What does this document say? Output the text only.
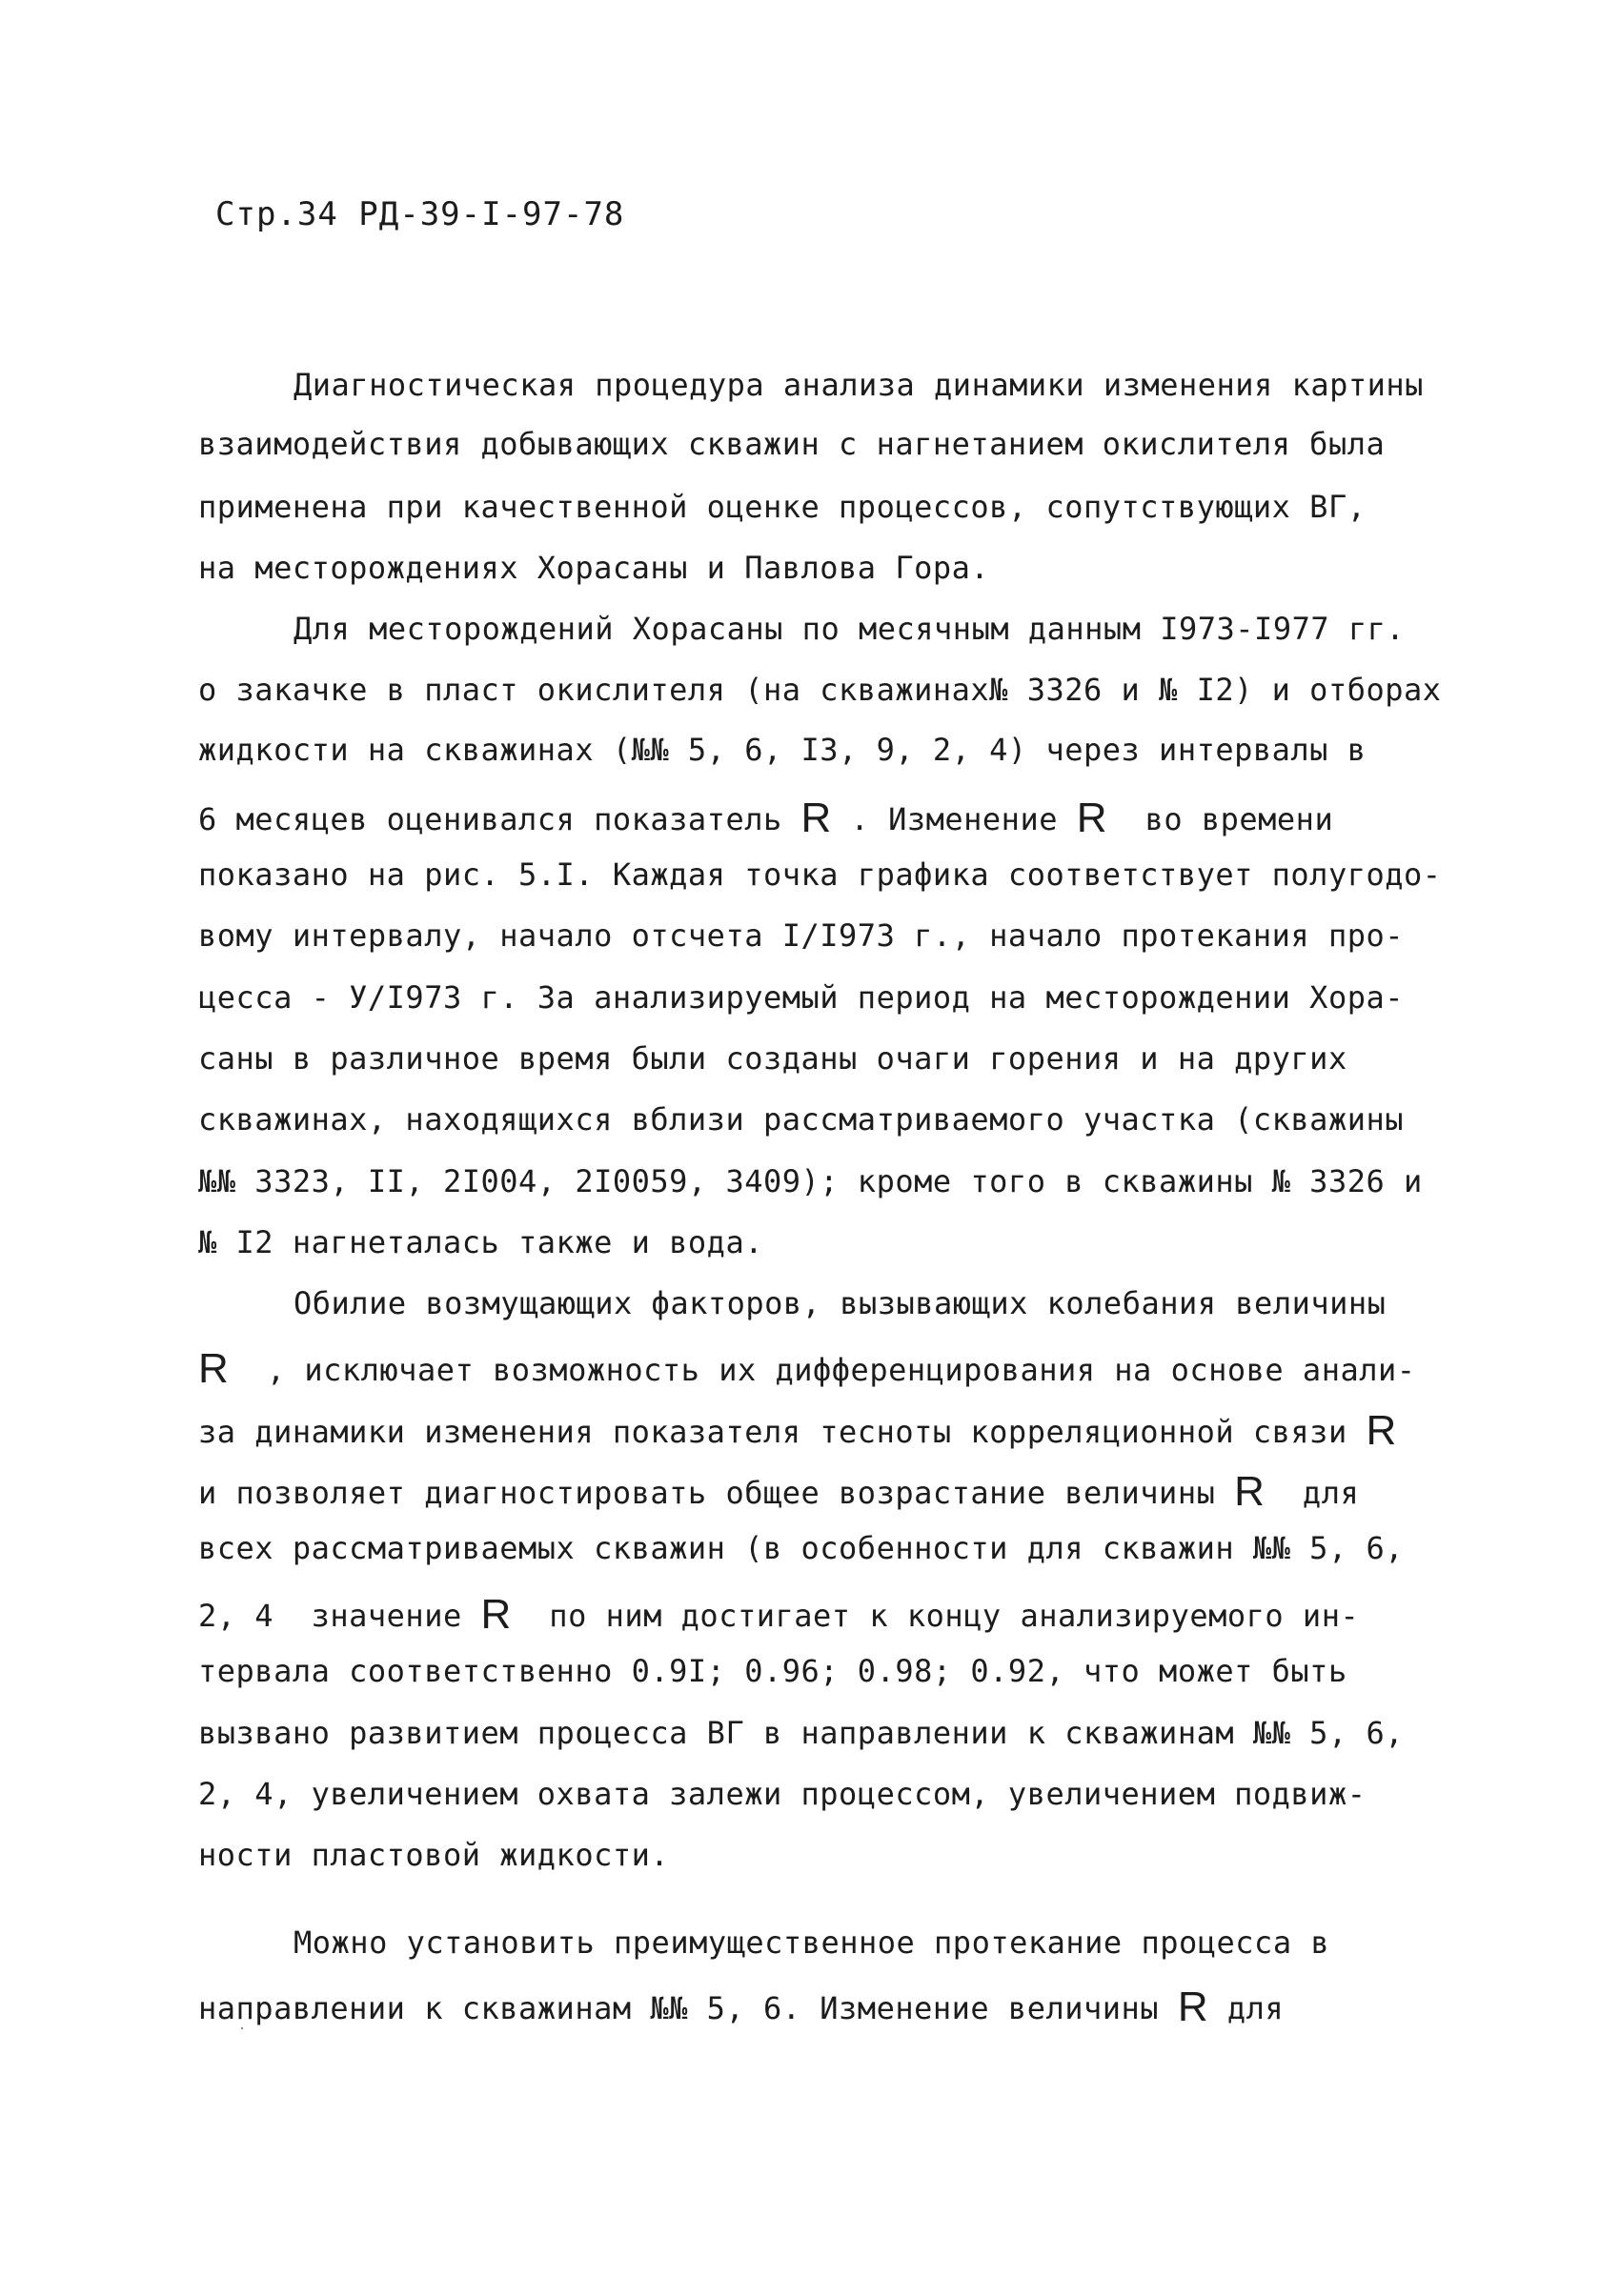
Стр.34 РД-39-I-97-78
Диагностическая процедура анализа динамики изменения картины
взаимодействия добывающих скважин с нагнетанием окислителя была
применена при качественной оценке процессов, сопутствующих ВГ,
на месторождениях Хорасаны и Павлова Гора.
Для месторождений Хорасаны по месячным данным I973-I977 гг.
о закачке в пласт окислителя (на скважинах№ 3326 и № I2) и отборах
жидкости на скважинах (№№ 5, 6, I3, 9, 2, 4) через интервалы в
6 месяцев оценивался показатель R . Изменение R  во времени
показано на рис. 5.I. Каждая точка графика соответствует полугодо-
вому интервалу, начало отсчета I/I973 г., начало протекания про-
цесса - У/I973 г. За анализируемый период на месторождении Хора-
саны в различное время были созданы очаги горения и на других
скважинах, находящихся вблизи рассматриваемого участка (скважины
№№ 3323, II, 2I004, 2I0059, 3409); кроме того в скважины № 3326 и
№ I2 нагнеталась также и вода.
Обилие возмущающих факторов, вызывающих колебания величины
R  , исключает возможность их дифференцирования на основе анали-
за динамики изменения показателя тесноты корреляционной связи R
и позволяет диагностировать общее возрастание величины R  для
всех рассматриваемых скважин (в особенности для скважин №№ 5, 6,
2, 4  значение R  по ним достигает к концу анализируемого ин-
тервала соответственно 0.9I; 0.96; 0.98; 0.92, что может быть
вызвано развитием процесса ВГ в направлении к скважинам №№ 5, 6,
2, 4, увеличением охвата залежи процессом, увеличением подвиж-
ности пластовой жидкости.
Можно установить преимущественное протекание процесса в
направлении к скважинам №№ 5, 6. Изменение величины R для
